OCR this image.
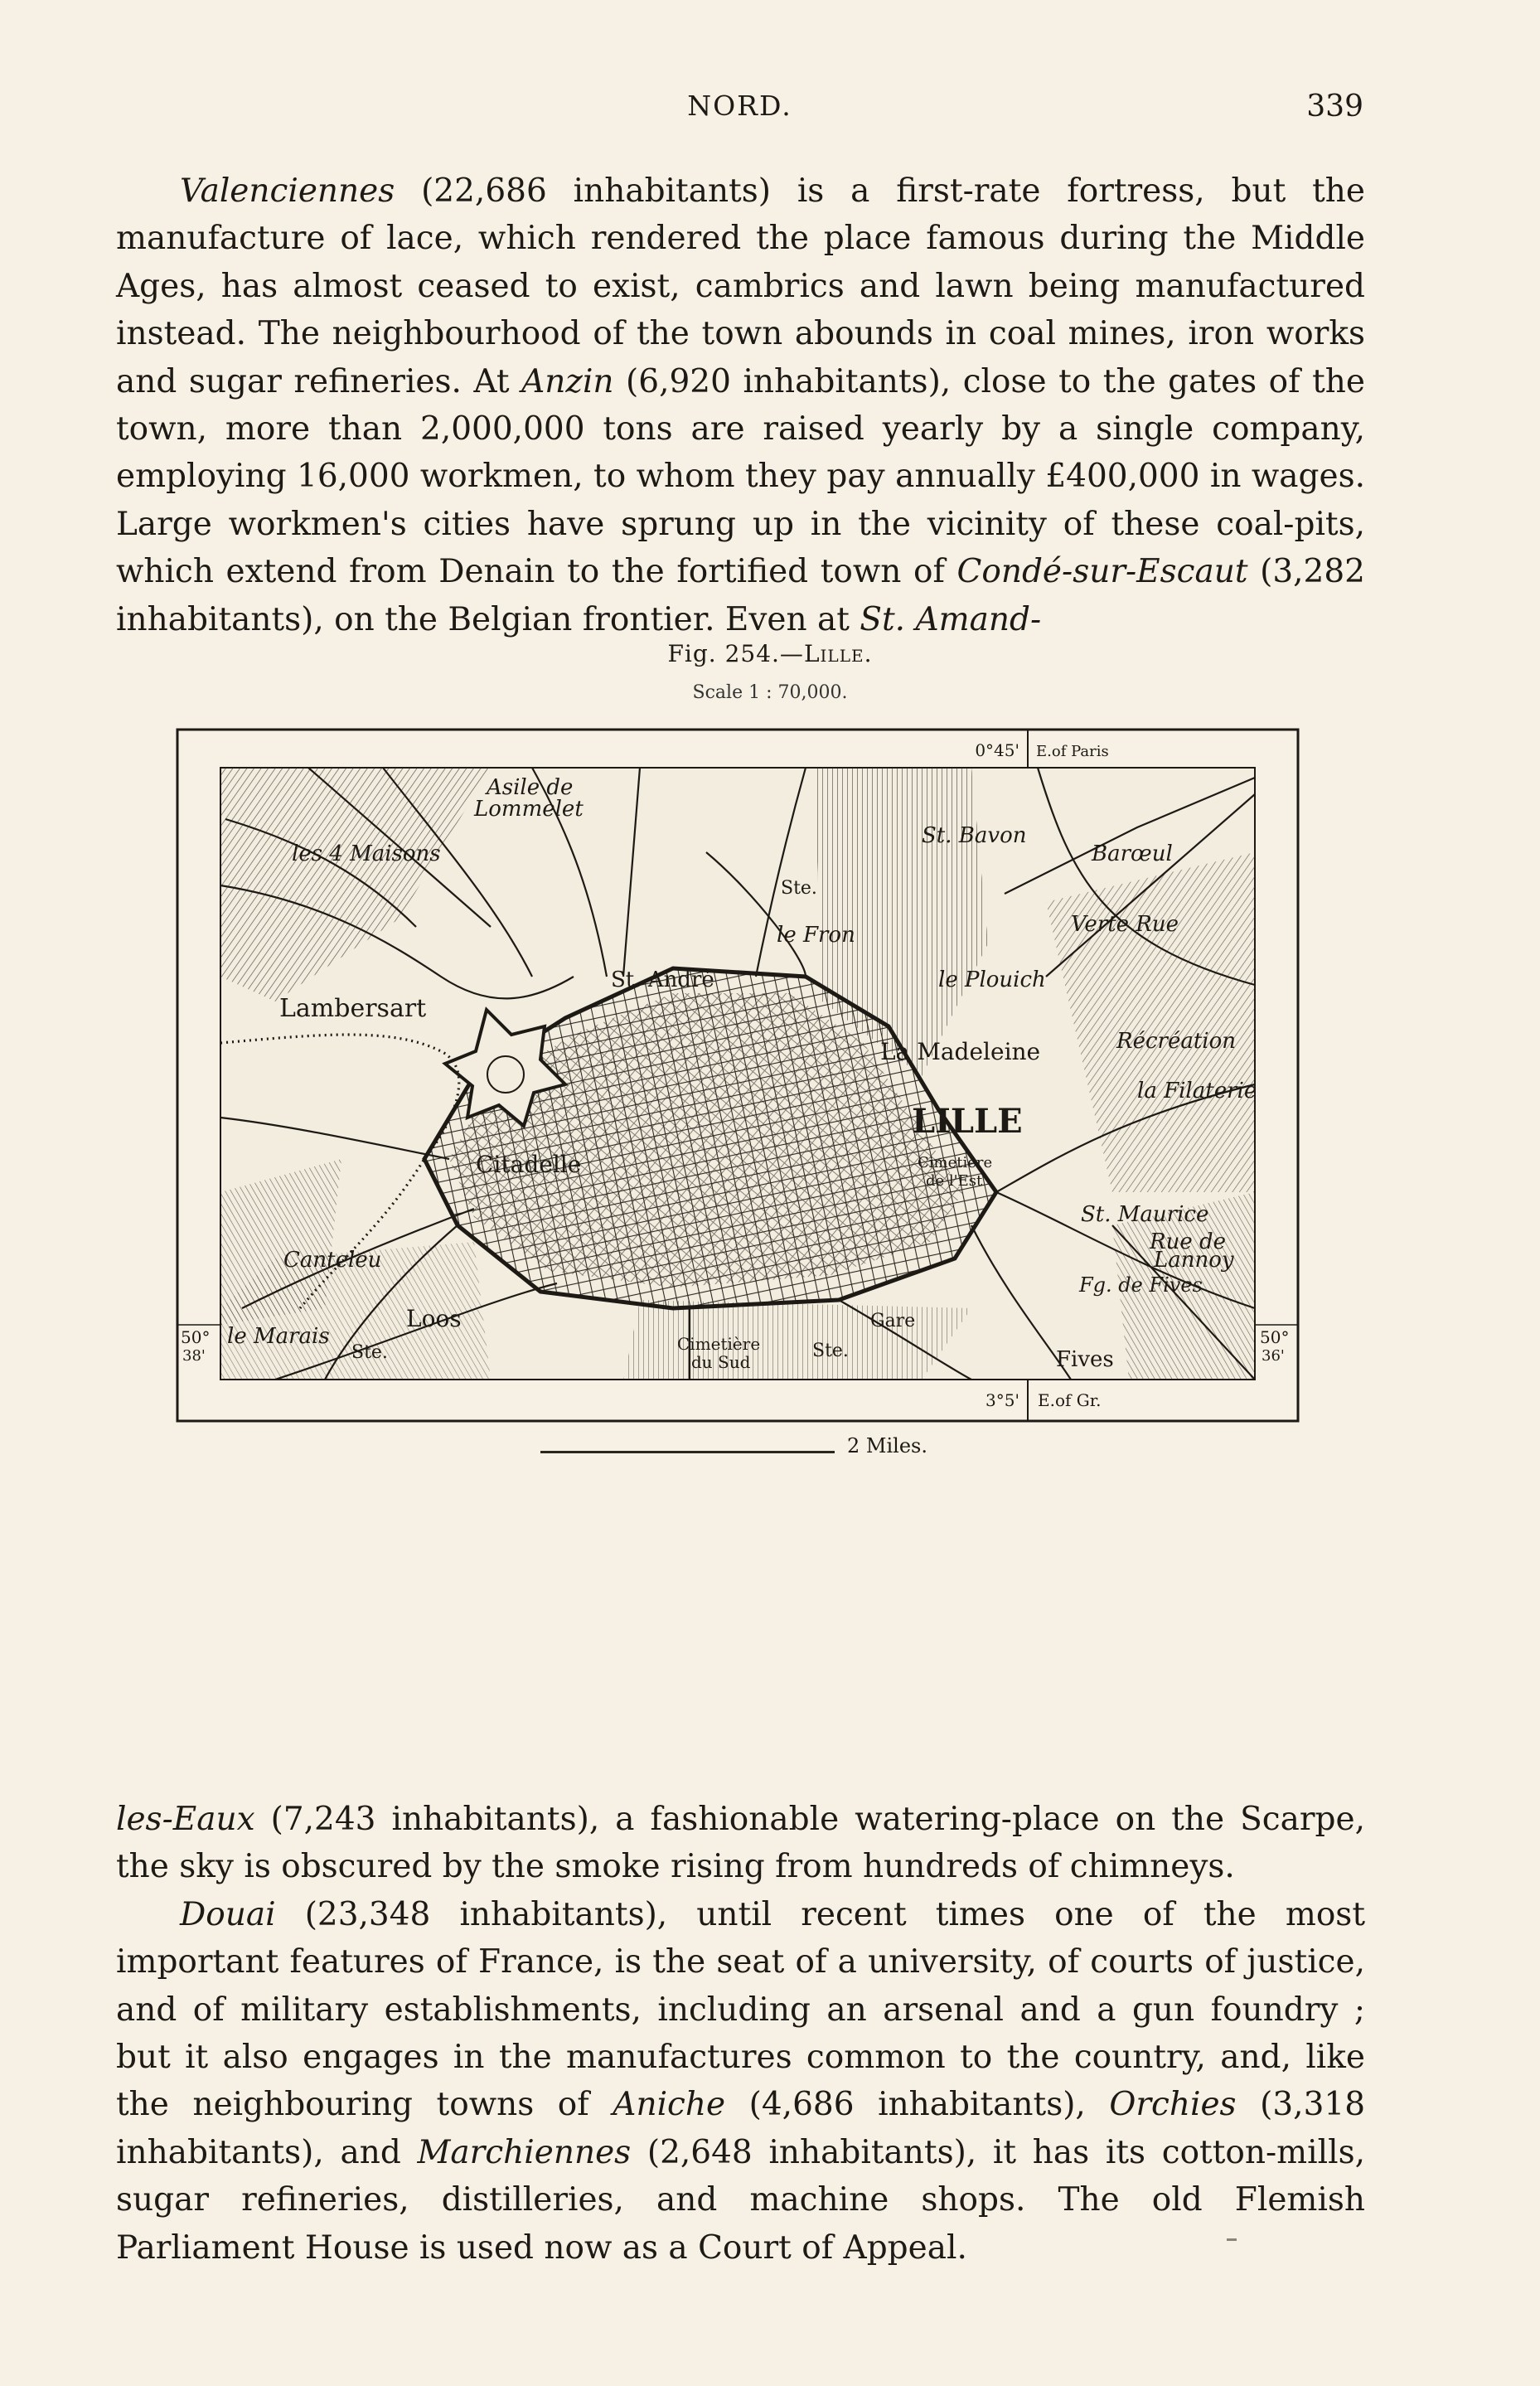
NORD.	339

Valenciennes (22,686 inhabitants) is a first-rate fortress, but the manufacture of lace, which rendered the place famous during the Middle Ages, has almost ceased to exist, cambrics and lawn being manufactured instead. The neighbourhood of the town abounds in coal mines, iron works and sugar refineries. At Anzin (6,920 inhabitants), close to the gates of the town, more than 2,000,000 tons are raised yearly by a single company, employing 16,000 workmen, to whom they pay annually £400,000 in wages. Large workmen's cities have sprung up in the vicinity of these coal-pits, which extend from Denain to the fortified town of Condé-sur-Escaut (3,282 inhabitants), on the Belgian frontier. Even at St. Amand-

Fig. 254.—Lille.
Scale 1 : 70,000.
0°45' E.of Paris
3°5' E.of Gr.
50°
38'
50°
36'
Asile de
Lommelet
les 4 Maisons
St. Bavon
Barœul
Ste.
le Fron	Verte Rue
St. André	le Plouich
Lambersart
La Madeleine	Récréation
la Filaterie
LILLE
Cimetière
de l'Est
Citadelle
St. Maurice
Rue de
Lannoy
Canteleu
Fg. de Fives
le Marais
Fives
Gare
Loos
Ste.
Ste.	Cimetière
du Sud
2 Miles.

les-Eaux (7,243 inhabitants), a fashionable watering-place on the Scarpe, the sky is obscured by the smoke rising from hundreds of chimneys.

Douai (23,348 inhabitants), until recent times one of the most important features of France, is the seat of a university, of courts of justice, and of military establishments, including an arsenal and a gun foundry ; but it also engages in the manufactures common to the country, and, like the neighbouring towns of Aniche (4,686 inhabitants), Orchies (3,318 inhabitants), and Marchiennes (2,648 inhabitants), it has its cotton-mills, sugar refineries, distilleries, and machine shops. The old Flemish Parliament House is used now as a Court of Appeal.
